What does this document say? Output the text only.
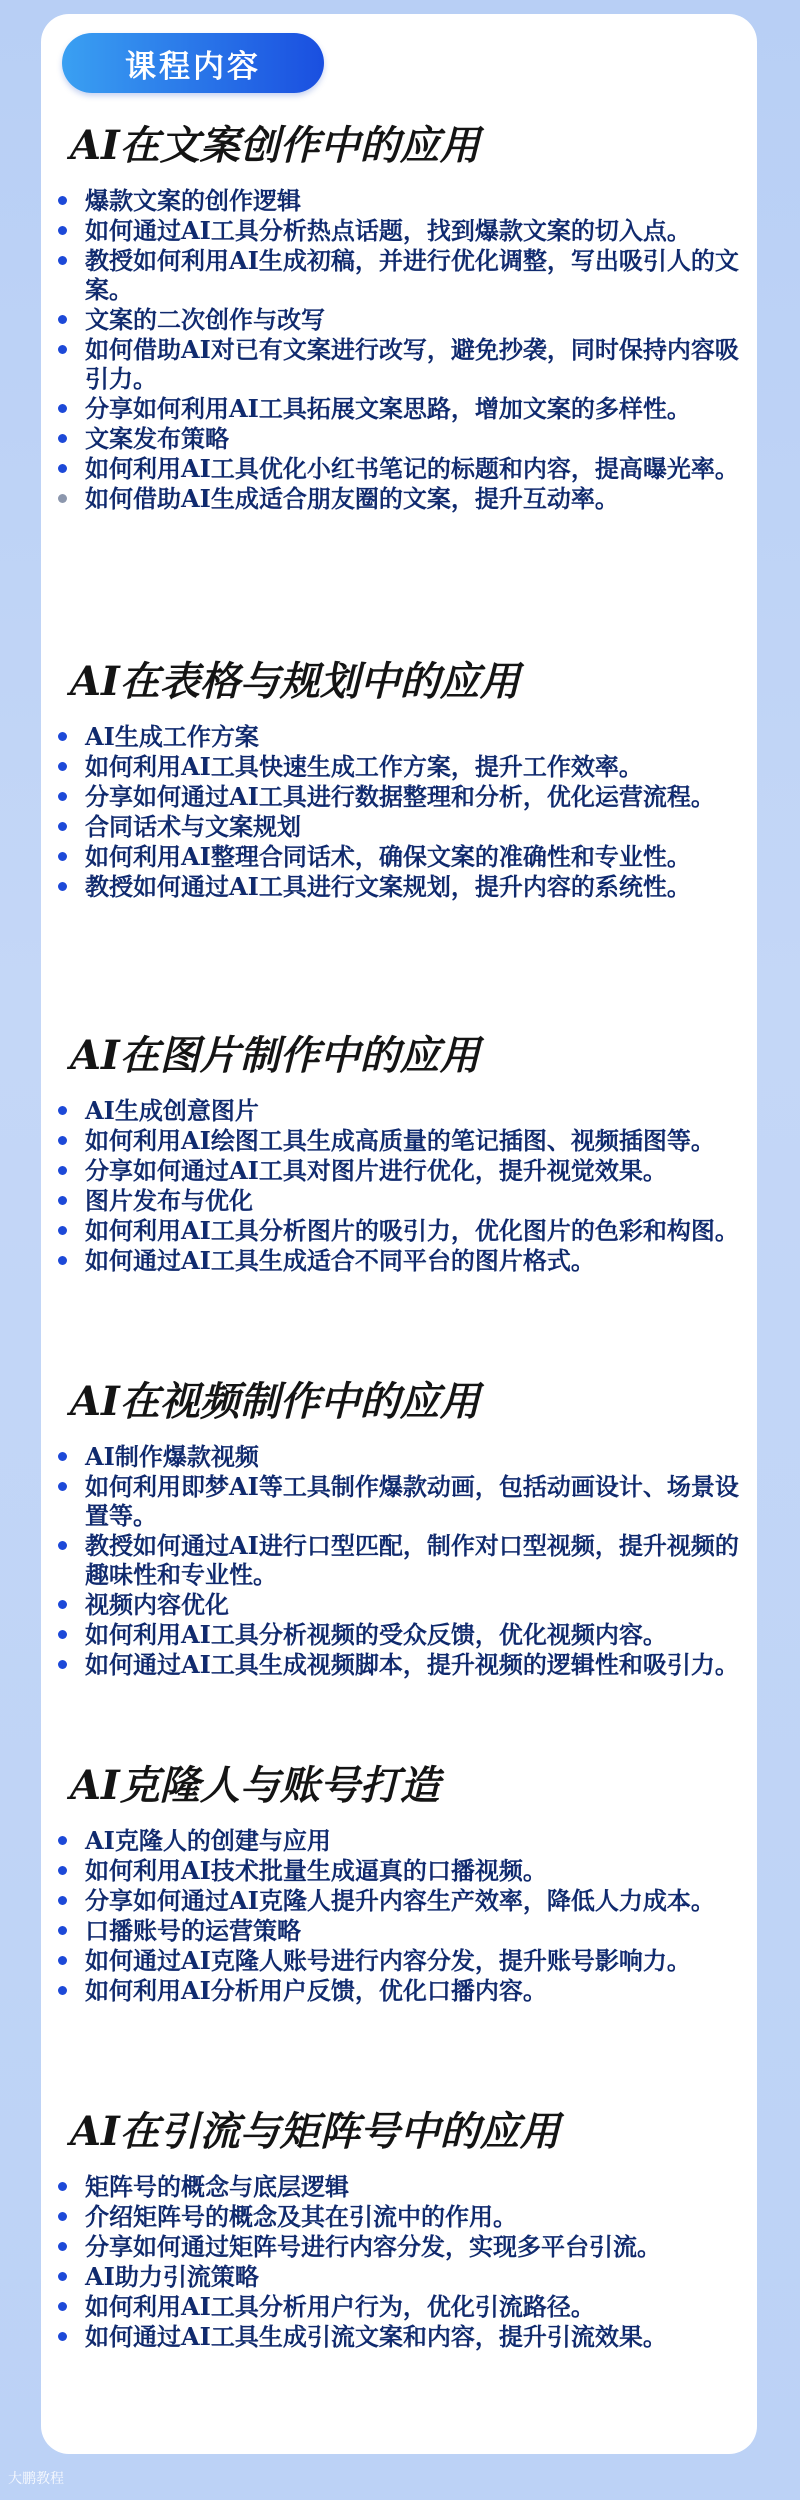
课程内容
AI在文案创作中的应用
爆款文案的创作逻辑
如何通过AI工具分析热点话题，找到爆款文案的切入点。
教授如何利用AI生成初稿，并进行优化调整，写出吸引人的文案。
文案的二次创作与改写
如何借助AI对已有文案进行改写，避免抄袭，同时保持内容吸引力。
分享如何利用AI工具拓展文案思路，增加文案的多样性。
文案发布策略
如何利用AI工具优化小红书笔记的标题和内容，提高曝光率。
如何借助AI生成适合朋友圈的文案，提升互动率。
AI在表格与规划中的应用
AI生成工作方案
如何利用AI工具快速生成工作方案，提升工作效率。
分享如何通过AI工具进行数据整理和分析，优化运营流程。
合同话术与文案规划
如何利用AI整理合同话术，确保文案的准确性和专业性。
教授如何通过AI工具进行文案规划，提升内容的系统性。
AI在图片制作中的应用
AI生成创意图片
如何利用AI绘图工具生成高质量的笔记插图、视频插图等。
分享如何通过AI工具对图片进行优化，提升视觉效果。
图片发布与优化
如何利用AI工具分析图片的吸引力，优化图片的色彩和构图。
如何通过AI工具生成适合不同平台的图片格式。
AI在视频制作中的应用
AI制作爆款视频
如何利用即梦AI等工具制作爆款动画，包括动画设计、场景设置等。
教授如何通过AI进行口型匹配，制作对口型视频，提升视频的趣味性和专业性。
视频内容优化
如何利用AI工具分析视频的受众反馈，优化视频内容。
如何通过AI工具生成视频脚本，提升视频的逻辑性和吸引力。
AI克隆人与账号打造
AI克隆人的创建与应用
如何利用AI技术批量生成逼真的口播视频。
分享如何通过AI克隆人提升内容生产效率，降低人力成本。
口播账号的运营策略
如何通过AI克隆人账号进行内容分发，提升账号影响力。
如何利用AI分析用户反馈，优化口播内容。
AI在引流与矩阵号中的应用
矩阵号的概念与底层逻辑
介绍矩阵号的概念及其在引流中的作用。
分享如何通过矩阵号进行内容分发，实现多平台引流。
AI助力引流策略
如何利用AI工具分析用户行为，优化引流路径。
如何通过AI工具生成引流文案和内容，提升引流效果。
大鹏教程
